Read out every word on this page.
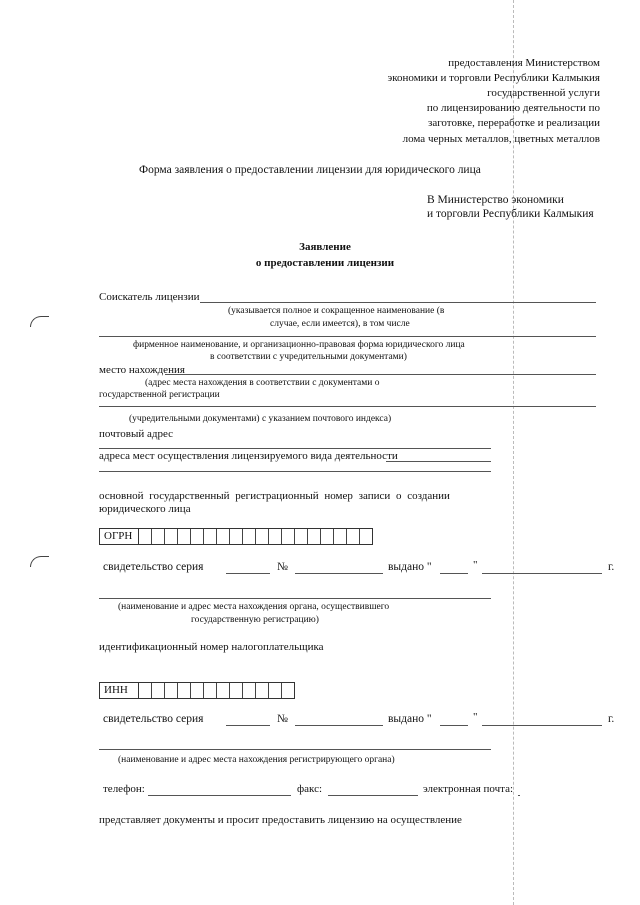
предоставления Министерством
экономики и торговли Республики Калмыкия
государственной услуги
по лицензированию деятельности по
заготовке, переработке и реализации
лома черных металлов, цветных металлов
Форма заявления о предоставлении лицензии для юридического лица
В Министерство экономики
и торговли Республики Калмыкия
Заявление
о предоставлении лицензии
Соискатель лицензии
(указывается полное и сокращенное наименование (в
случае, если имеется), в том числе
фирменное наименование, и организационно-правовая форма юридического лица
в соответствии с учредительными документами)
место нахождения
(адрес места нахождения в соответствии с документами о
государственной регистрации
(учредительными документами) с указанием почтового индекса)
почтовый адрес
адреса мест осуществления лицензируемого вида деятельности
основной государственный регистрационный номер записи о создании
юридического лица
ОГРН
свидетельство серия	№	выдано "	"	г.
(наименование и адрес места нахождения органа, осуществившего
государственную регистрацию)
идентификационный номер налогоплательщика
ИНН
свидетельство серия	№	выдано "	"	г.
(наименование и адрес места нахождения регистрирующего органа)
телефон:	факс:	электронная почта:
представляет документы и просит предоставить лицензию на осуществление
